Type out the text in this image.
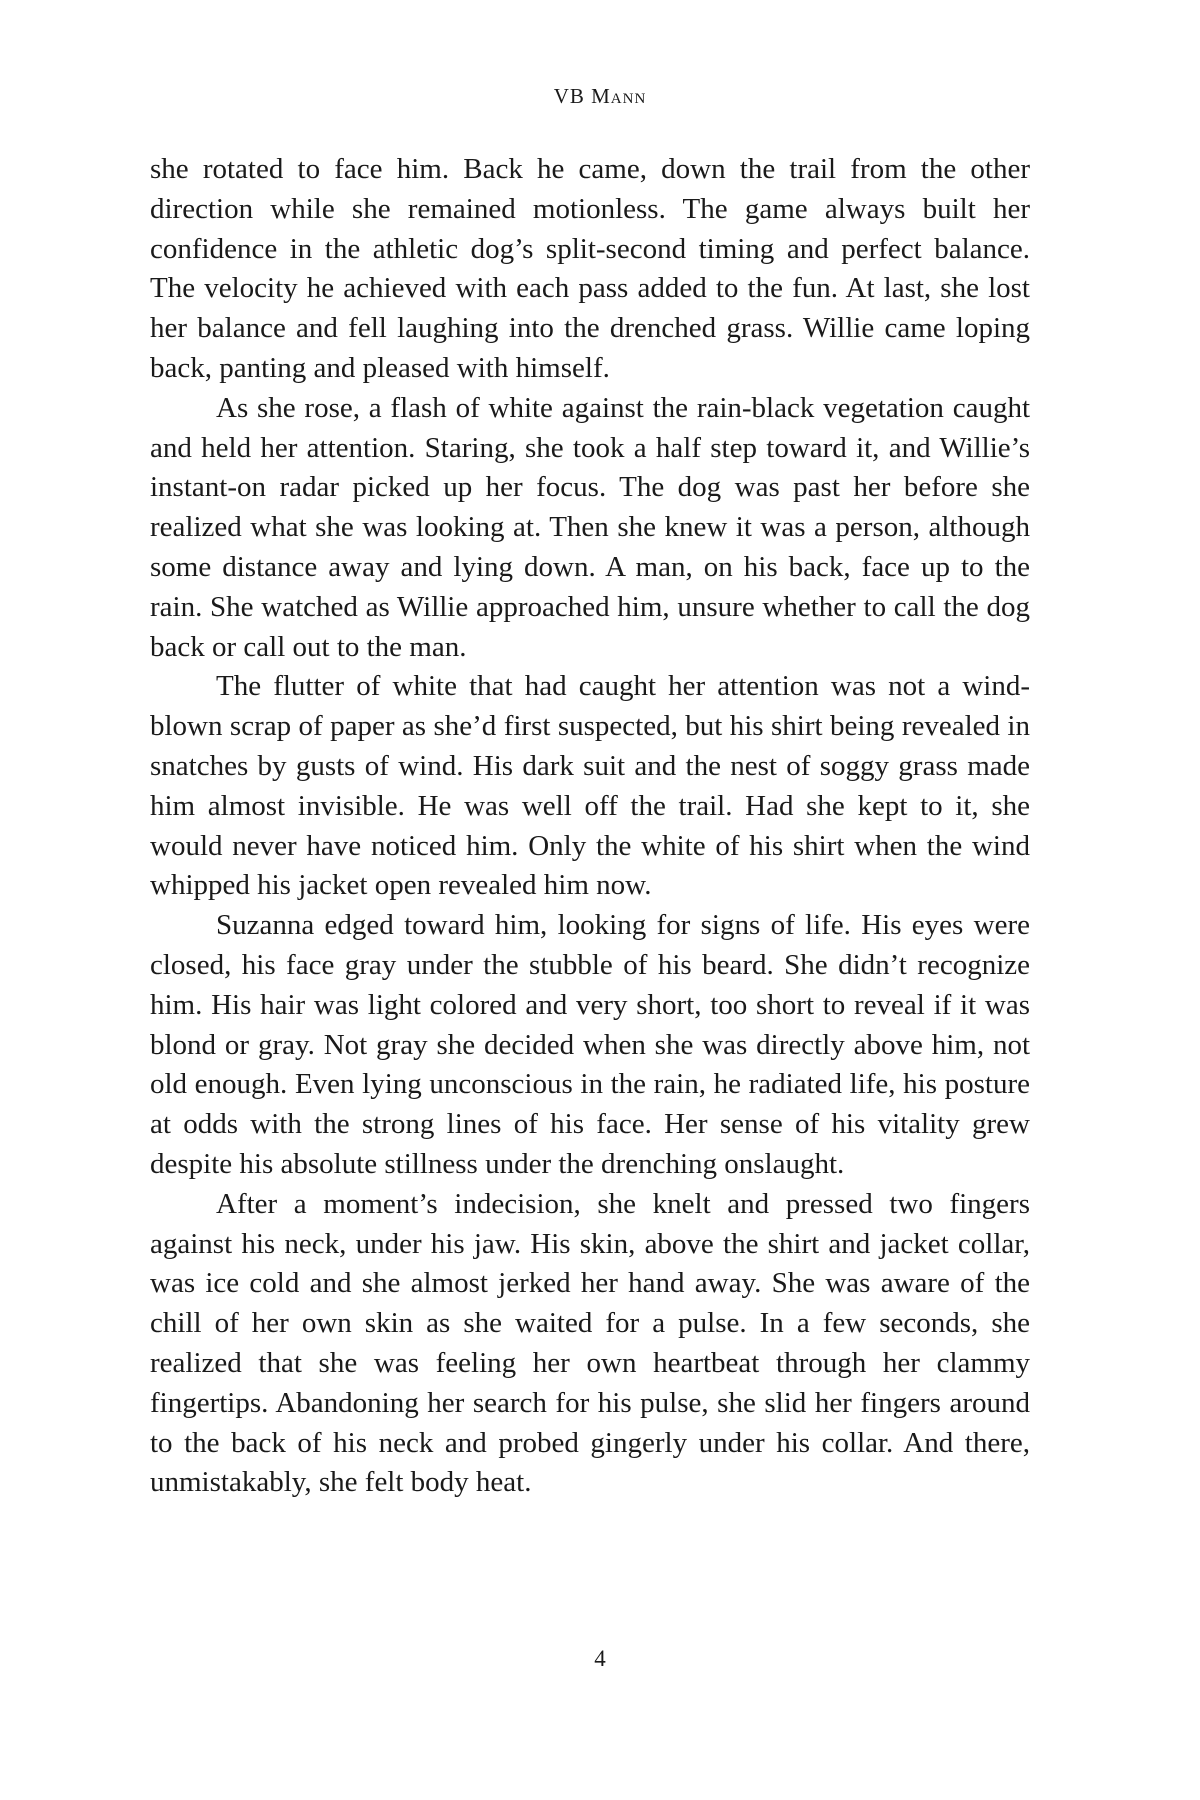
VB Mann

she rotated to face him. Back he came, down the trail from the other direction while she remained motionless. The game always built her confidence in the athletic dog’s split-second timing and perfect balance. The velocity he achieved with each pass added to the fun. At last, she lost her balance and fell laughing into the drenched grass. Willie came loping back, panting and pleased with himself.

As she rose, a flash of white against the rain-black vegetation caught and held her attention. Staring, she took a half step toward it, and Willie’s instant-on radar picked up her focus. The dog was past her before she realized what she was looking at. Then she knew it was a person, although some distance away and lying down. A man, on his back, face up to the rain. She watched as Willie approached him, unsure whether to call the dog back or call out to the man.

The flutter of white that had caught her attention was not a wind-blown scrap of paper as she’d first suspected, but his shirt being revealed in snatches by gusts of wind. His dark suit and the nest of soggy grass made him almost invisible. He was well off the trail. Had she kept to it, she would never have noticed him. Only the white of his shirt when the wind whipped his jacket open revealed him now.

Suzanna edged toward him, looking for signs of life. His eyes were closed, his face gray under the stubble of his beard. She didn’t recognize him. His hair was light colored and very short, too short to reveal if it was blond or gray. Not gray she decided when she was directly above him, not old enough. Even lying unconscious in the rain, he radiated life, his posture at odds with the strong lines of his face. Her sense of his vitality grew despite his absolute stillness under the drenching onslaught.

After a moment’s indecision, she knelt and pressed two fingers against his neck, under his jaw. His skin, above the shirt and jacket collar, was ice cold and she almost jerked her hand away. She was aware of the chill of her own skin as she waited for a pulse. In a few seconds, she realized that she was feeling her own heartbeat through her clammy fingertips. Abandoning her search for his pulse, she slid her fingers around to the back of his neck and probed gingerly under his collar. And there, unmistakably, she felt body heat.

4
